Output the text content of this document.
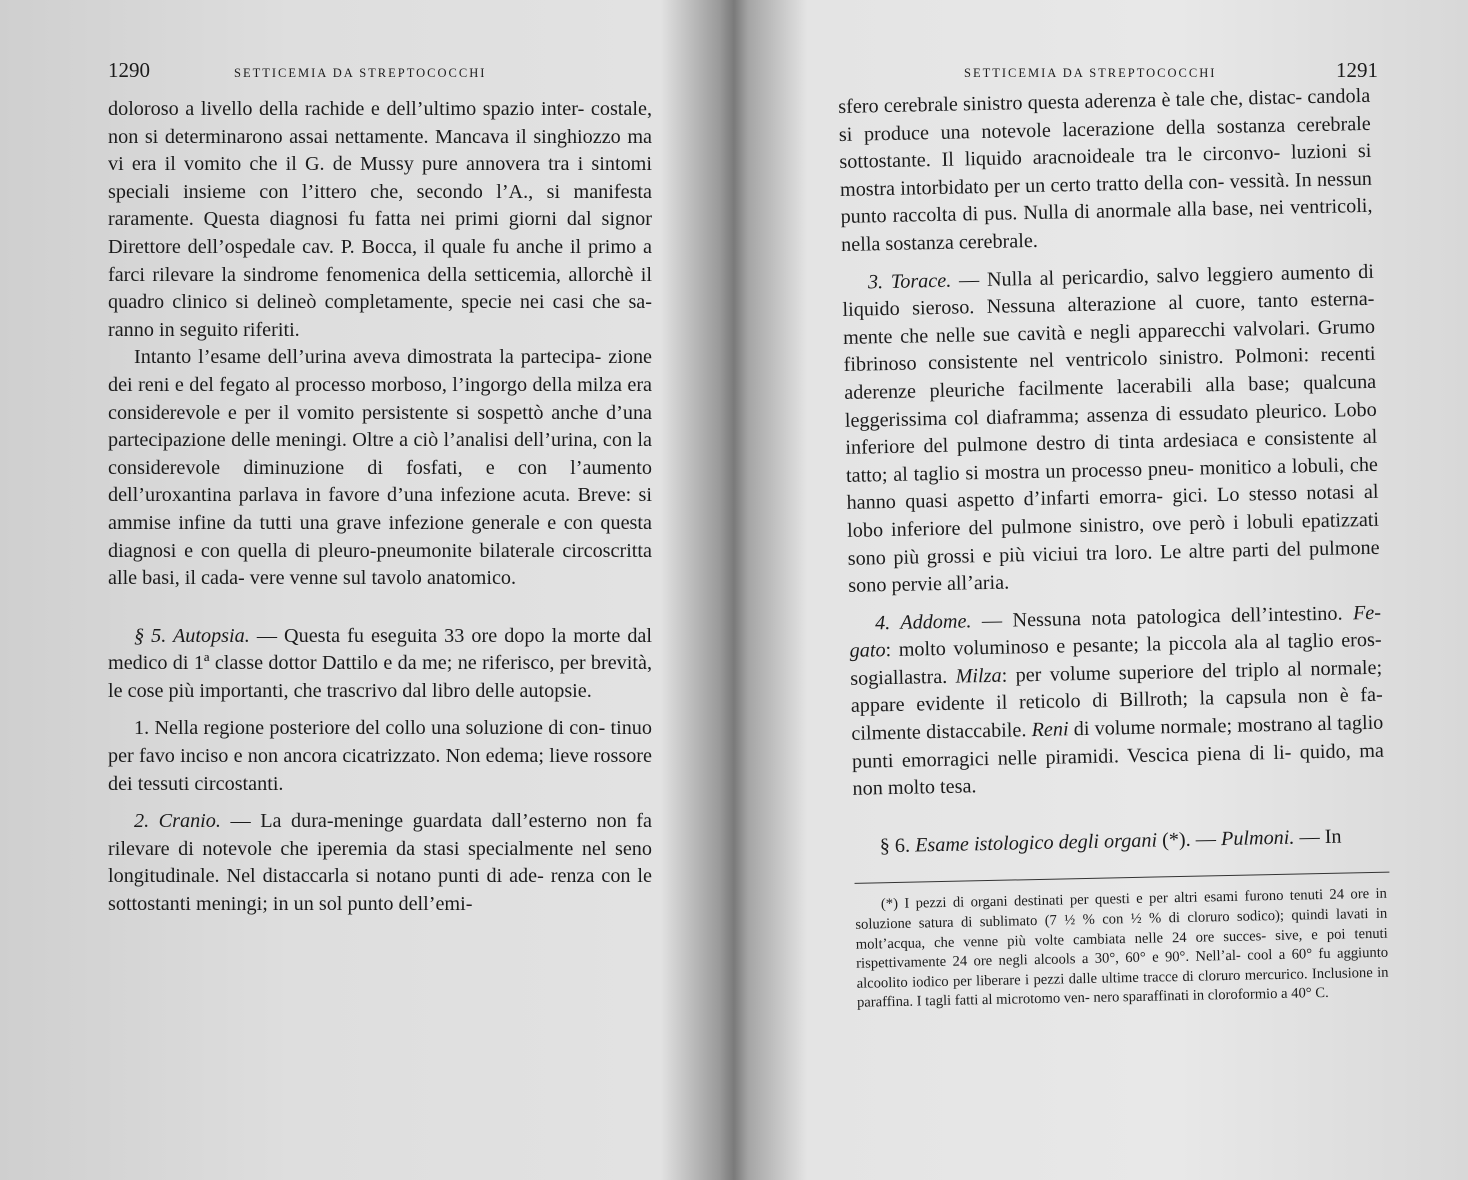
1290	SETTICEMIA DA STREPTOCOCCHI

doloroso a livello della rachide e dell’ultimo spazio inter- costale, non si determinarono assai nettamente. Mancava il singhiozzo ma vi era il vomito che il G. de Mussy pure annovera tra i sintomi speciali insieme con l’ittero che, secondo l’A., si manifesta raramente. Questa diagnosi fu fatta nei primi giorni dal signor Direttore dell’ospedale cav. P. Bocca, il quale fu anche il primo a farci rilevare la sindrome fenomenica della setticemia, allorchè il quadro clinico si delineò completamente, specie nei casi che sa- ranno in seguito riferiti.

Intanto l’esame dell’urina aveva dimostrata la partecipa- zione dei reni e del fegato al processo morboso, l’ingorgo della milza era considerevole e per il vomito persistente si sospettò anche d’una partecipazione delle meningi. Oltre a ciò l’analisi dell’urina, con la considerevole diminuzione di fosfati, e con l’aumento dell’uroxantina parlava in favore d’una infezione acuta. Breve: si ammise infine da tutti una grave infezione generale e con questa diagnosi e con quella di pleuro-pneumonite bilaterale circoscritta alle basi, il cada- vere venne sul tavolo anatomico.

§ 5. Autopsia. — Questa fu eseguita 33 ore dopo la morte dal medico di 1ª classe dottor Dattilo e da me; ne riferisco, per brevità, le cose più importanti, che trascrivo dal libro delle autopsie.

1. Nella regione posteriore del collo una soluzione di con- tinuo per favo inciso e non ancora cicatrizzato. Non edema; lieve rossore dei tessuti circostanti.

2. Cranio. — La dura-meninge guardata dall’esterno non fa rilevare di notevole che iperemia da stasi specialmente nel seno longitudinale. Nel distaccarla si notano punti di ade- renza con le sottostanti meningi; in un sol punto dell’emi-

SETTICEMIA DA STREPTOCOCCHI	1291

sfero cerebrale sinistro questa aderenza è tale che, distac- candola si produce una notevole lacerazione della sostanza cerebrale sottostante. Il liquido aracnoideale tra le circonvo- luzioni si mostra intorbidato per un certo tratto della con- vessità. In nessun punto raccolta di pus. Nulla di anormale alla base, nei ventricoli, nella sostanza cerebrale.

3. Torace. — Nulla al pericardio, salvo leggiero aumento di liquido sieroso. Nessuna alterazione al cuore, tanto esterna- mente che nelle sue cavità e negli apparecchi valvolari. Grumo fibrinoso consistente nel ventricolo sinistro. Polmoni: recenti aderenze pleuriche facilmente lacerabili alla base; qualcuna leggerissima col diaframma; assenza di essudato pleurico. Lobo inferiore del pulmone destro di tinta ardesiaca e consistente al tatto; al taglio si mostra un processo pneu- monitico a lobuli, che hanno quasi aspetto d’infarti emorra- gici. Lo stesso notasi al lobo inferiore del pulmone sinistro, ove però i lobuli epatizzati sono più grossi e più viciui tra loro. Le altre parti del pulmone sono pervie all’aria.

4. Addome. — Nessuna nota patologica dell’intestino. Fe- gato: molto voluminoso e pesante; la piccola ala al taglio eros- sogiallastra. Milza: per volume superiore del triplo al normale; appare evidente il reticolo di Billroth; la capsula non è fa- cilmente distaccabile. Reni di volume normale; mostrano al taglio punti emorragici nelle piramidi. Vescica piena di li- quido, ma non molto tesa.

§ 6. Esame istologico degli organi (*). — Pulmoni. — In

(*) I pezzi di organi destinati per questi e per altri esami furono tenuti 24 ore in soluzione satura di sublimato (7 ½ % con ½ % di cloruro sodico); quindi lavati in molt’acqua, che venne più volte cambiata nelle 24 ore succes- sive, e poi tenuti rispettivamente 24 ore negli alcools a 30°, 60° e 90°. Nell’al- cool a 60° fu aggiunto alcoolito iodico per liberare i pezzi dalle ultime tracce di cloruro mercurico. Inclusione in paraffina. I tagli fatti al microtomo ven- nero sparaffinati in cloroformio a 40° C.
